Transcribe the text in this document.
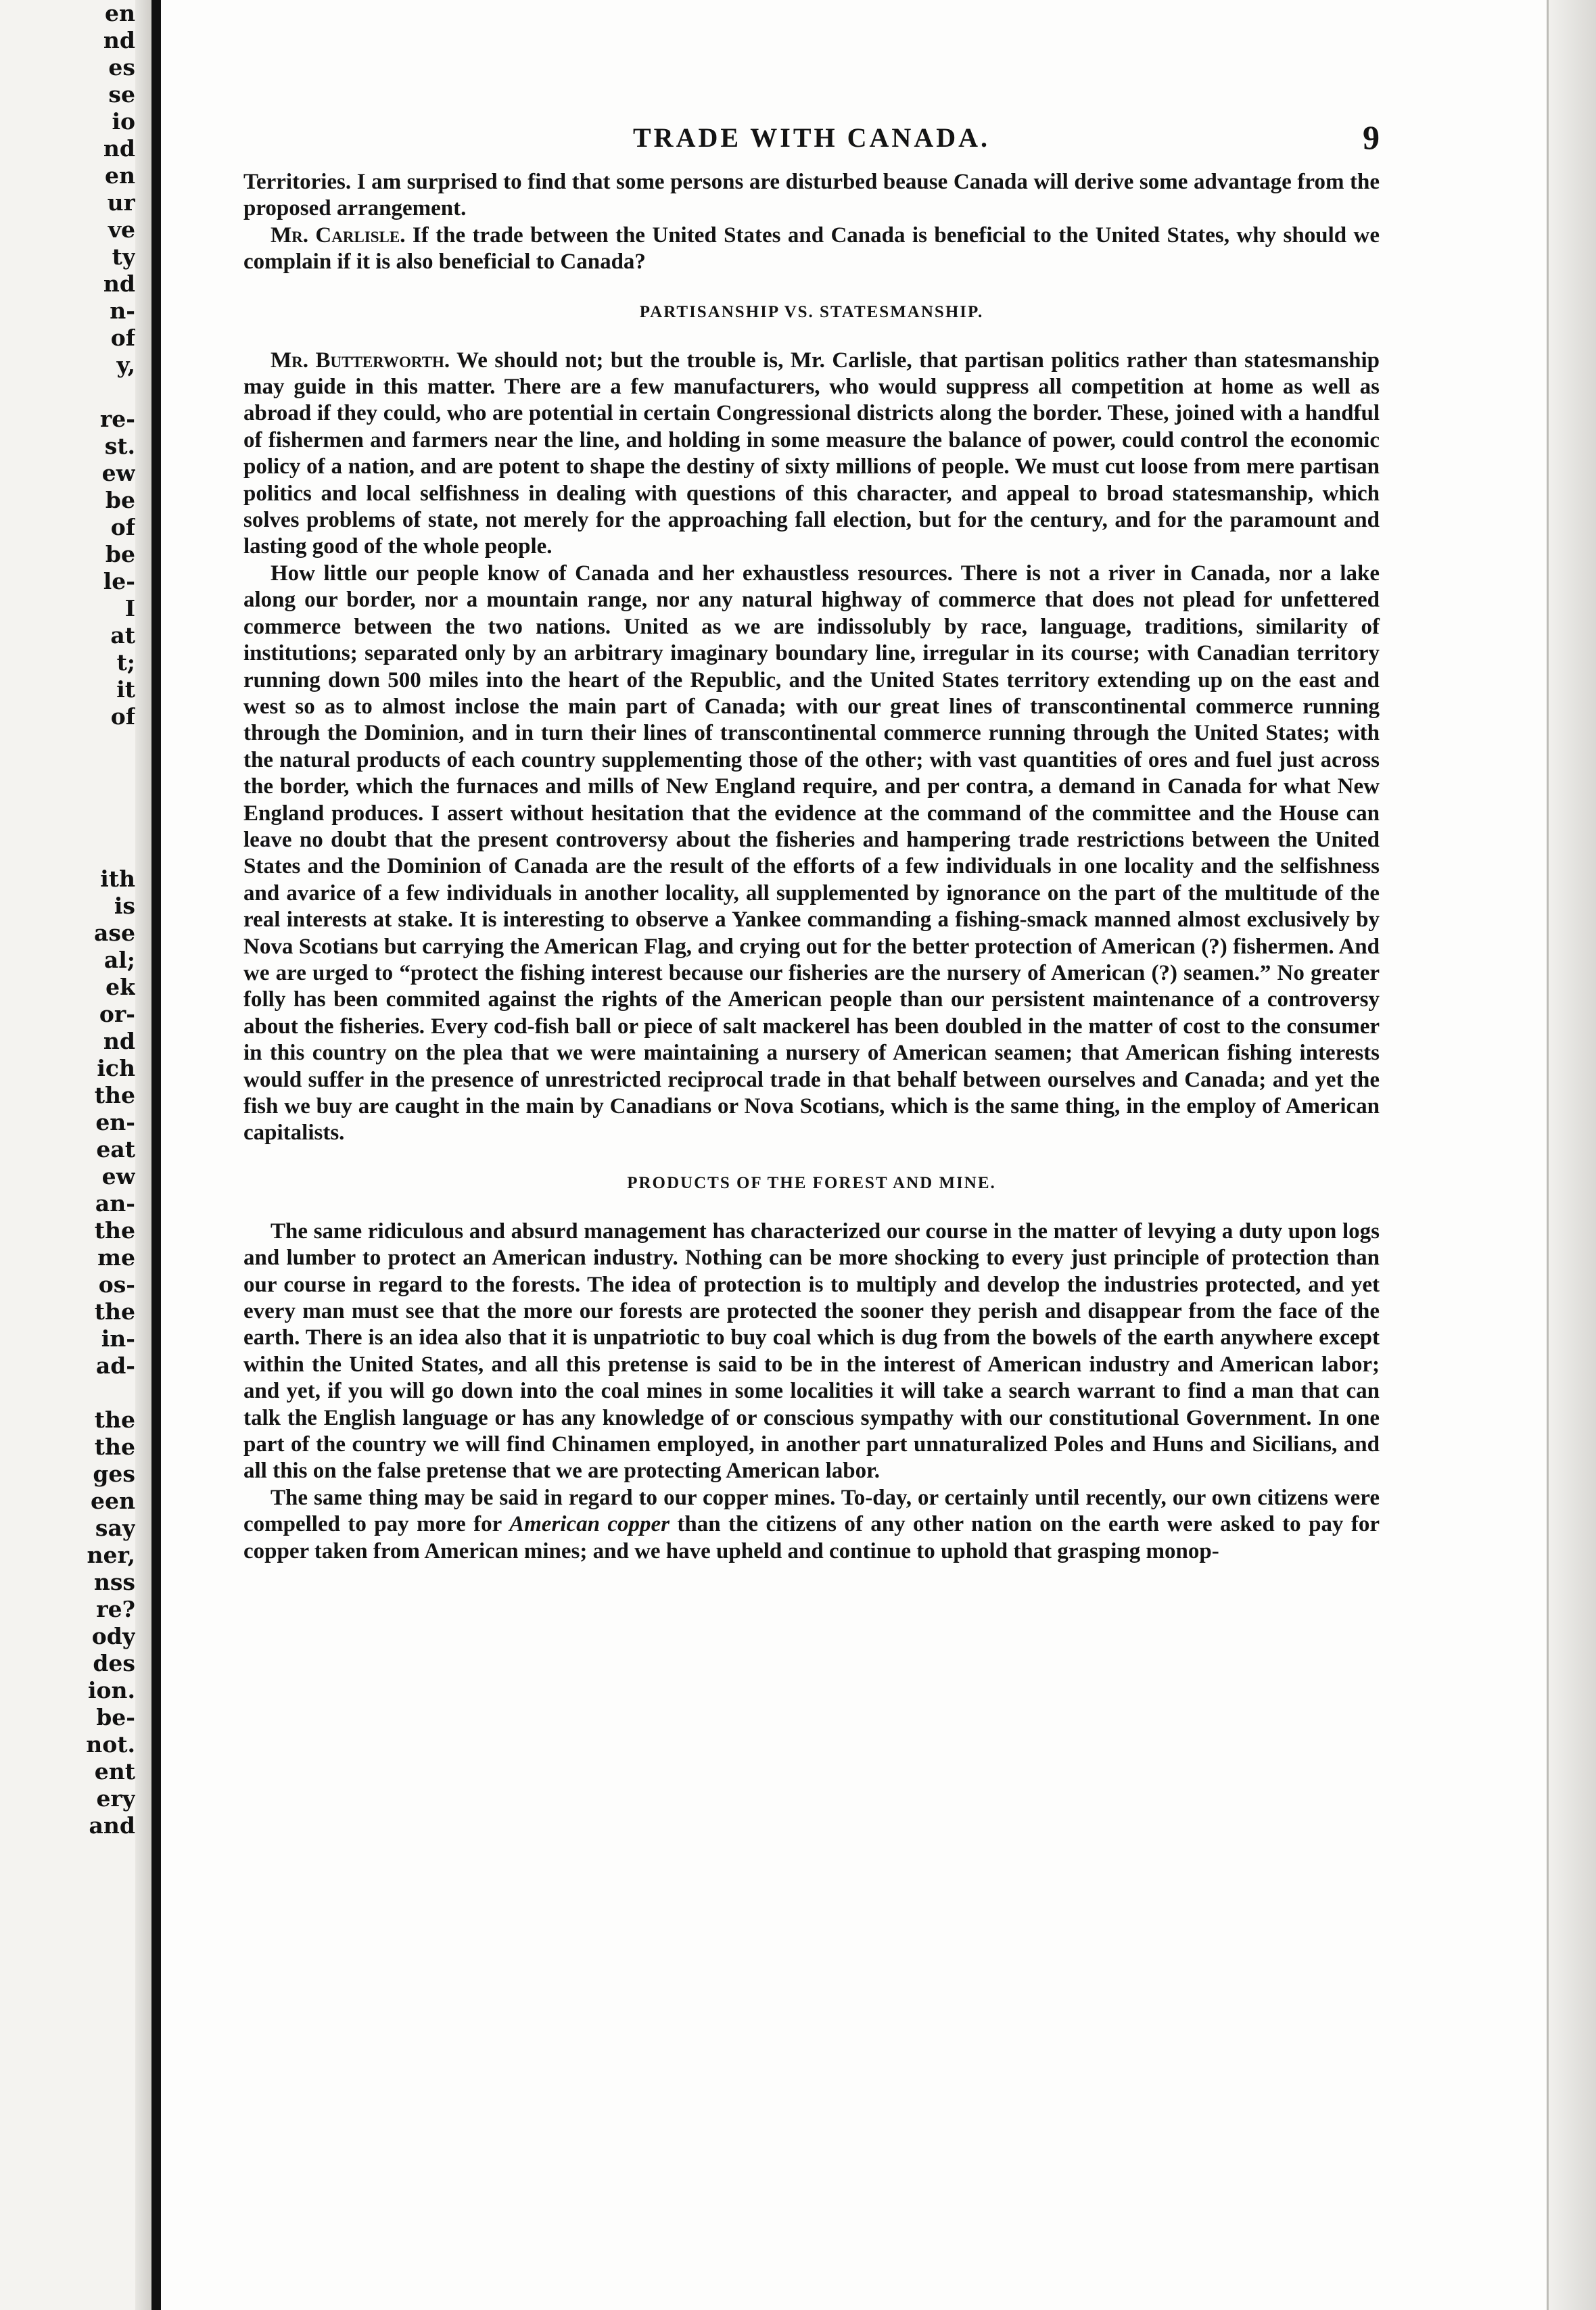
en
nd
es
se
io
nd
en
ur
ve
ty
nd
n-
of
y,
re-
st.
ew
be
of
be
le-
I
at
t;
it
of
ith
is
ase
al;
ek
or-
nd
ich
the
en-
eat
ew
an-
the
me
os-
the
in-
ad-
the
the
ges
een
say
ner,
nss
re?
ody
des
ion.
be-
not.
ent
ery
and
TRADE WITH CANADA.	9

Territories. I am surprised to find that some persons are disturbed beause Canada will derive some advantage from the proposed arrangement.

Mr. Carlisle. If the trade between the United States and Canada is beneficial to the United States, why should we complain if it is also beneficial to Canada?

PARTISANSHIP VS. STATESMANSHIP.

Mr. Butterworth. We should not; but the trouble is, Mr. Carlisle, that partisan politics rather than statesmanship may guide in this matter. There are a few manufacturers, who would suppress all competition at home as well as abroad if they could, who are potential in certain Congressional districts along the border. These, joined with a handful of fishermen and farmers near the line, and holding in some measure the balance of power, could control the economic policy of a nation, and are potent to shape the destiny of sixty millions of people. We must cut loose from mere partisan politics and local selfishness in dealing with questions of this character, and appeal to broad statesmanship, which solves problems of state, not merely for the approaching fall election, but for the century, and for the paramount and lasting good of the whole people.

How little our people know of Canada and her exhaustless resources. There is not a river in Canada, nor a lake along our border, nor a mountain range, nor any natural highway of commerce that does not plead for unfettered commerce between the two nations. United as we are indissolubly by race, language, traditions, similarity of institutions; separated only by an arbitrary imaginary boundary line, irregular in its course; with Canadian territory running down 500 miles into the heart of the Republic, and the United States territory extending up on the east and west so as to almost inclose the main part of Canada; with our great lines of transcontinental commerce running through the Dominion, and in turn their lines of transcontinental commerce running through the United States; with the natural products of each country supplementing those of the other; with vast quantities of ores and fuel just across the border, which the furnaces and mills of New England require, and per contra, a demand in Canada for what New England produces. I assert without hesitation that the evidence at the command of the committee and the House can leave no doubt that the present controversy about the fisheries and hampering trade restrictions between the United States and the Dominion of Canada are the result of the efforts of a few individuals in one locality and the selfishness and avarice of a few individuals in another locality, all supplemented by ignorance on the part of the multitude of the real interests at stake. It is interesting to observe a Yankee commanding a fishing-smack manned almost exclusively by Nova Scotians but carrying the American Flag, and crying out for the better protection of American (?) fishermen. And we are urged to “protect the fishing interest because our fisheries are the nursery of American (?) seamen.” No greater folly has been commited against the rights of the American people than our persistent maintenance of a controversy about the fisheries. Every cod-fish ball or piece of salt mackerel has been doubled in the matter of cost to the consumer in this country on the plea that we were maintaining a nursery of American seamen; that American fishing interests would suffer in the presence of unrestricted reciprocal trade in that behalf between ourselves and Canada; and yet the fish we buy are caught in the main by Canadians or Nova Scotians, which is the same thing, in the employ of American capitalists.

PRODUCTS OF THE FOREST AND MINE.

The same ridiculous and absurd management has characterized our course in the matter of levying a duty upon logs and lumber to protect an American industry. Nothing can be more shocking to every just principle of protection than our course in regard to the forests. The idea of protection is to multiply and develop the industries protected, and yet every man must see that the more our forests are protected the sooner they perish and disappear from the face of the earth. There is an idea also that it is unpatriotic to buy coal which is dug from the bowels of the earth anywhere except within the United States, and all this pretense is said to be in the interest of American industry and American labor; and yet, if you will go down into the coal mines in some localities it will take a search warrant to find a man that can talk the English language or has any knowledge of or conscious sympathy with our constitutional Government. In one part of the country we will find Chinamen employed, in another part unnaturalized Poles and Huns and Sicilians, and all this on the false pretense that we are protecting American labor.

The same thing may be said in regard to our copper mines. To-day, or certainly until recently, our own citizens were compelled to pay more for American copper than the citizens of any other nation on the earth were asked to pay for copper taken from American mines; and we have upheld and continue to uphold that grasping monop-
